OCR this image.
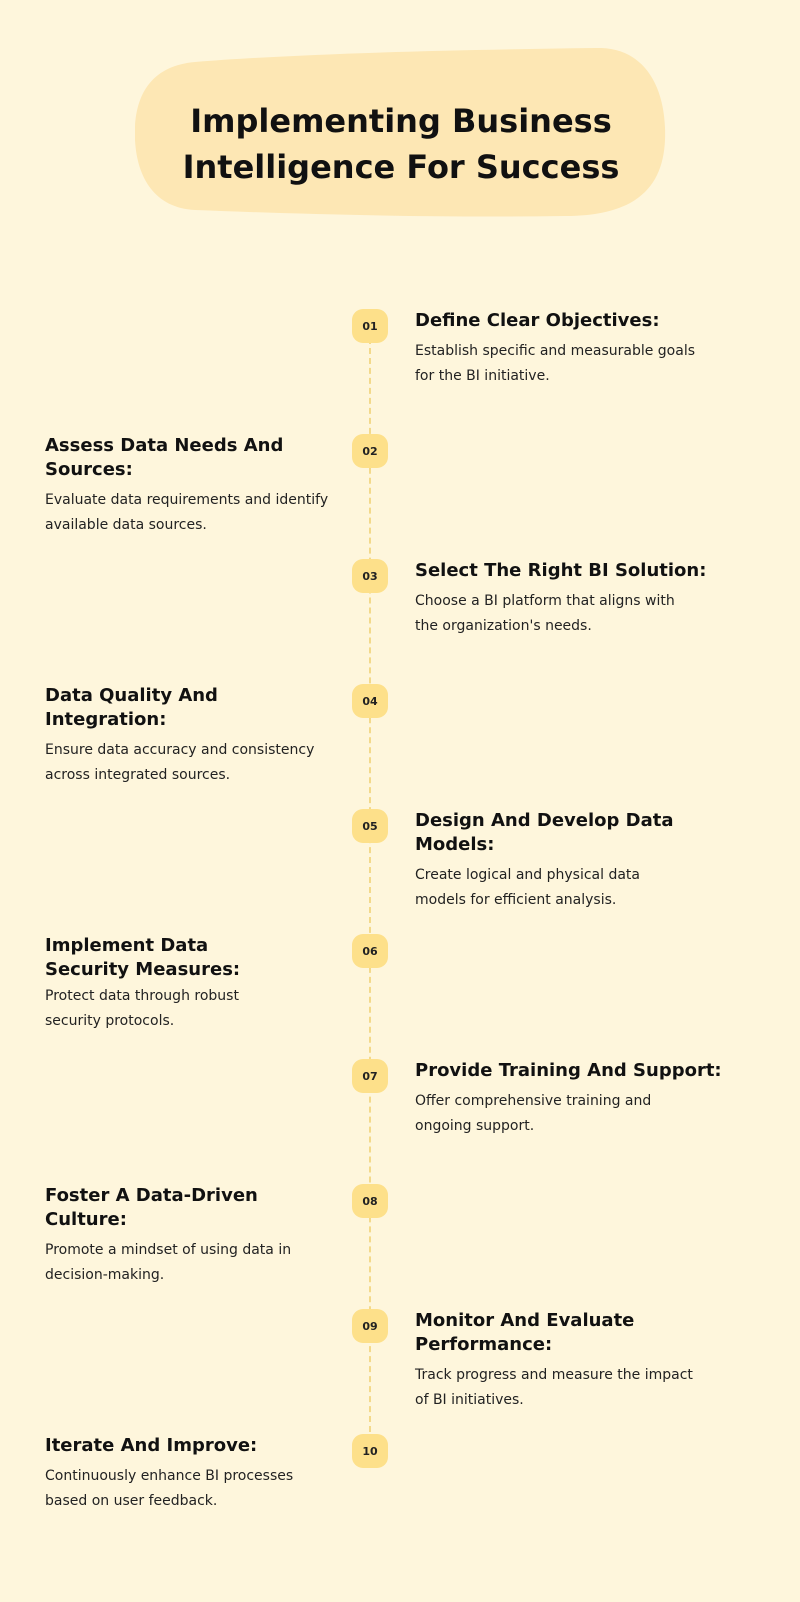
Implementing Business
Intelligence For Success
01 Define Clear Objectives:

Establish specific and measurable goals for the BI initiative.

02
Assess Data Needs And Sources:

Evaluate data requirements and identify available data sources.

03 Select The Right BI Solution:

Choose a BI platform that aligns with the organization's needs.

04
Data Quality And Integration:

Ensure data accuracy and consistency across integrated sources.

05 Design And Develop Data Models:

Create logical and physical data models for efficient analysis.

06
Implement Data Security Measures:

Protect data through robust security protocols.

07 Provide Training And Support:

Offer comprehensive training and ongoing support.

08
Foster A Data-Driven Culture:

Promote a mindset of using data in decision-making.

09 Monitor And Evaluate Performance:

Track progress and measure the impact of BI initiatives.

10
Iterate And Improve:

Continuously enhance BI processes based on user feedback.
